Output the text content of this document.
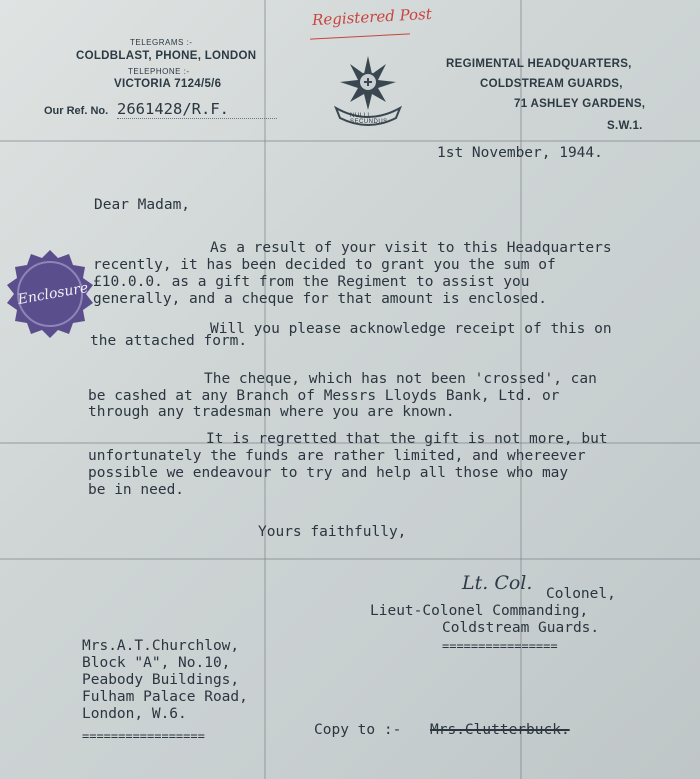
TELEGRAMS :-
COLDBLAST, PHONE, LONDON
TELEPHONE :-
VICTORIA 7124/5/6
Our Ref. No. 2661428/R.F.	NULLI SECUNDUS
REGIMENTAL HEADQUARTERS,
COLDSTREAM GUARDS,
71 ASHLEY GARDENS,
S.W.1.
Registered Post
1st November, 1944.
Dear Madam,
As a result of your visit to this Headquarters
recently, it has been decided to grant you the sum of
£10.0.0. as a gift from the Regiment to assist you
generally, and a cheque for that amount is enclosed.
Enclosure
Will you please acknowledge receipt of this on
the attached form.
The cheque, which has not been 'crossed', can
be cashed at any Branch of Messrs Lloyds Bank, Ltd. or
through any tradesman where you are known.
It is regretted that the gift is not more, but
unfortunately the funds are rather limited, and whereever
possible we endeavour to try and help all those who may
be in need.
Yours faithfully,
Lt. Col. Colonel,
Lieut-Colonel Commanding,
Coldstream Guards.
================
Mrs.A.T.Churchlow,
Block "A", No.10,
Peabody Buildings,
Fulham Palace Road,
London, W.6.
=================	Copy to :- Mrs.Clutterbuck.
